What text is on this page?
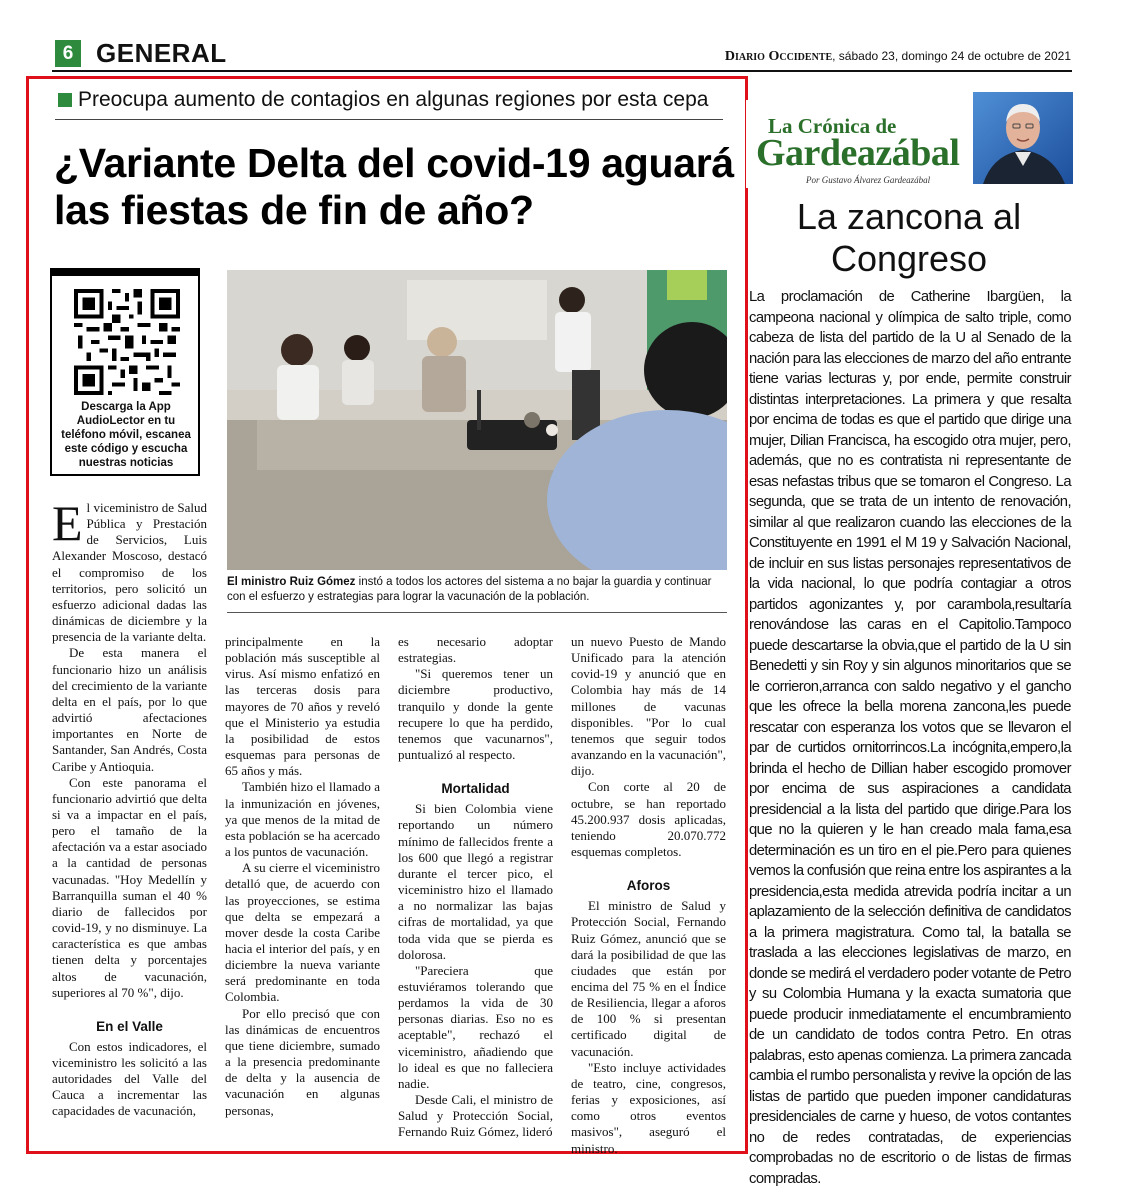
6 GENERAL	Diario Occidente, sábado 23, domingo 24 de octubre de 2021
Preocupa aumento de contagios en algunas regiones por esta cepa
¿Variante Delta del covid-19 aguará las fiestas de fin de año?
Descarga la App AudioLector en tu teléfono móvil, escanea este código y escucha nuestras noticias
El ministro Ruiz Gómez instó a todos los actores del sistema a no bajar la guardia y continuar con el esfuerzo y estrategias para lograr la vacunación de la población.

El viceministro de Salud Pública y Prestación de Servicios, Luis Alexander Moscoso, destacó el compromiso de los territorios, pero solicitó un esfuerzo adicional dadas las dinámicas de diciembre y la presencia de la variante delta.

De esta manera el funcionario hizo un análisis del crecimiento de la variante delta en el país, por lo que advirtió afectaciones importantes en Norte de Santander, San Andrés, Costa Caribe y Antioquia.

Con este panorama el funcionario advirtió que delta si va a impactar en el país, pero el tamaño de la afectación va a estar asociado a la cantidad de personas vacunadas. "Hoy Medellín y Barranquilla suman el 40 % diario de fallecidos por covid-19, y no disminuye. La característica es que ambas tienen delta y porcentajes altos de vacunación, superiores al 70 %", dijo.

En el Valle

Con estos indicadores, el viceministro les solicitó a las autoridades del Valle del Cauca a incrementar las capacidades de vacunación,

principalmente en la población más susceptible al virus. Así mismo enfatizó en las terceras dosis para mayores de 70 años y reveló que el Ministerio ya estudia la posibilidad de estos esquemas para personas de 65 años y más.

También hizo el llamado a la inmunización en jóvenes, ya que menos de la mitad de esta población se ha acercado a los puntos de vacunación.

A su cierre el viceministro detalló que, de acuerdo con las proyecciones, se estima que delta se empezará a mover desde la costa Caribe hacia el interior del país, y en diciembre la nueva variante será predominante en toda Colombia.

Por ello precisó que con las dinámicas de encuentros que tiene diciembre, sumado a la presencia predominante de delta y la ausencia de vacunación en algunas personas,

es necesario adoptar estrategias.

"Si queremos tener un diciembre productivo, tranquilo y donde la gente recupere lo que ha perdido, tenemos que vacunarnos", puntualizó al respecto.

Mortalidad

Si bien Colombia viene reportando un número mínimo de fallecidos frente a los 600 que llegó a registrar durante el tercer pico, el viceministro hizo el llamado a no normalizar las bajas cifras de mortalidad, ya que toda vida que se pierda es dolorosa.

"Pareciera que estuviéramos tolerando que perdamos la vida de 30 personas diarias. Eso no es aceptable", rechazó el viceministro, añadiendo que lo ideal es que no falleciera nadie.

Desde Cali, el ministro de Salud y Protección Social, Fernando Ruiz Gómez, lideró

un nuevo Puesto de Mando Unificado para la atención covid-19 y anunció que en Colombia hay más de 14 millones de vacunas disponibles. "Por lo cual tenemos que seguir todos avanzando en la vacunación", dijo.

Con corte al 20 de octubre, se han reportado 45.200.937 dosis aplicadas, teniendo 20.070.772 esquemas completos.

Aforos

El ministro de Salud y Protección Social, Fernando Ruiz Gómez, anunció que se dará la posibilidad de que las ciudades que están por encima del 75 % en el Índice de Resiliencia, llegar a aforos de 100 % si presentan certificado digital de vacunación.

"Esto incluye actividades de teatro, cine, congresos, ferias y exposiciones, así como otros eventos masivos", aseguró el ministro.

La Crónica de
Gardeazábal
Por Gustavo Álvarez Gardeazábal
La zancona al Congreso

La proclamación de Catherine Ibargüen, la campeona nacional y olímpica de salto triple, como cabeza de lista del partido de la U al Senado de la nación para las elecciones de marzo del año entrante tiene varias lecturas y, por ende, permite construir distintas interpretaciones. La primera y que resalta por encima de todas es que el partido que dirige una mujer, Dilian Francisca, ha escogido otra mujer, pero, además, que no es contratista ni representante de esas nefastas tribus que se tomaron el Congreso. La segunda, que se trata de un intento de renovación, similar al que realizaron cuando las elecciones de la Constituyente en 1991 el M 19 y Salvación Nacional, de incluir en sus listas personajes representativos de la vida nacional, lo que podría contagiar a otros partidos agonizantes y, por carambola,resultaría renovándose las caras en el Capitolio.Tampoco puede descartarse la obvia,que el partido de la U sin Benedetti y sin Roy y sin algunos minoritarios que se le corrieron,arranca con saldo negativo y el gancho que les ofrece la bella morena zancona,les puede rescatar con esperanza los votos que se llevaron el par de curtidos ornitorrincos.La incógnita,empero,la brinda el hecho de Dillian haber escogido promover por encima de sus aspiraciones a candidata presidencial a la lista del partido que dirige.Para los que no la quieren y le han creado mala fama,esa determinación es un tiro en el pie.Pero para quienes vemos la confusión que reina entre los aspirantes a la presidencia,esta medida atrevida podría incitar a un aplazamiento de la selección definitiva de candidatos a la primera magistratura. Como tal, la batalla se traslada a las elecciones legislativas de marzo, en donde se medirá el verdadero poder votante de Petro y su Colombia Humana y la exacta sumatoria que puede producir inmediatamente el encumbramiento de un candidato de todos contra Petro. En otras palabras, esto apenas comienza. La primera zancada cambia el rumbo personalista y revive la opción de las listas de partido que pueden imponer candidaturas presidenciales de carne y hueso, de votos contantes no de redes contratadas, de experiencias comprobadas no de escritorio o de listas de firmas compradas.
